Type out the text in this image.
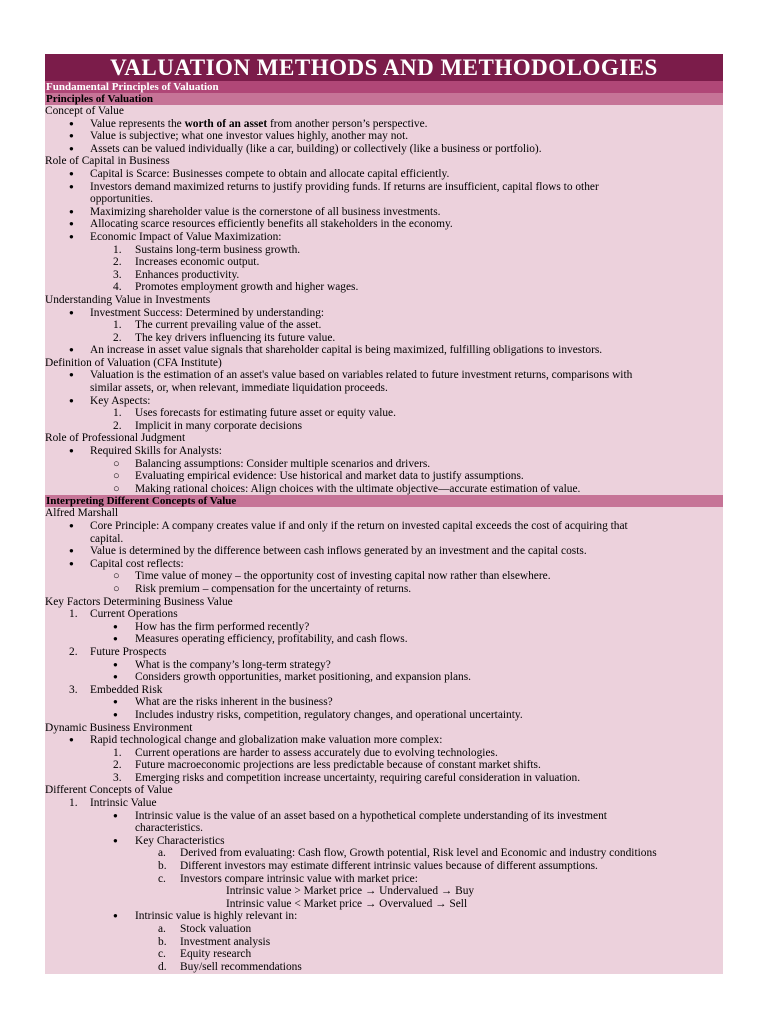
VALUATION METHODS AND METHODOLOGIES
Fundamental Principles of Valuation
Principles of Valuation
Concept of Value
● Value represents the worth of an asset from another person’s perspective.
● Value is subjective; what one investor values highly, another may not.
● Assets can be valued individually (like a car, building) or collectively (like a business or portfolio).
Role of Capital in Business
● Capital is Scarce: Businesses compete to obtain and allocate capital efficiently.
● Investors demand maximized returns to justify providing funds. If returns are insufficient, capital flows to other
opportunities.
● Maximizing shareholder value is the cornerstone of all business investments.
● Allocating scarce resources efficiently benefits all stakeholders in the economy.
● Economic Impact of Value Maximization:
1. Sustains long-term business growth.
2. Increases economic output.
3. Enhances productivity.
4. Promotes employment growth and higher wages.
Understanding Value in Investments
● Investment Success: Determined by understanding:
1. The current prevailing value of the asset.
2. The key drivers influencing its future value.
● An increase in asset value signals that shareholder capital is being maximized, fulfilling obligations to investors.
Definition of Valuation (CFA Institute)
● Valuation is the estimation of an asset's value based on variables related to future investment returns, comparisons with
similar assets, or, when relevant, immediate liquidation proceeds.
● Key Aspects:
1. Uses forecasts for estimating future asset or equity value.
2. Implicit in many corporate decisions
Role of Professional Judgment
● Required Skills for Analysts:
○ Balancing assumptions: Consider multiple scenarios and drivers.
○ Evaluating empirical evidence: Use historical and market data to justify assumptions.
○ Making rational choices: Align choices with the ultimate objective—accurate estimation of value.
Interpreting Different Concepts of Value
Alfred Marshall
● Core Principle: A company creates value if and only if the return on invested capital exceeds the cost of acquiring that
capital.
● Value is determined by the difference between cash inflows generated by an investment and the capital costs.
● Capital cost reflects:
○ Time value of money – the opportunity cost of investing capital now rather than elsewhere.
○ Risk premium – compensation for the uncertainty of returns.
Key Factors Determining Business Value
1. Current Operations
● How has the firm performed recently?
● Measures operating efficiency, profitability, and cash flows.
2. Future Prospects
● What is the company’s long-term strategy?
● Considers growth opportunities, market positioning, and expansion plans.
3. Embedded Risk
● What are the risks inherent in the business?
● Includes industry risks, competition, regulatory changes, and operational uncertainty.
Dynamic Business Environment
● Rapid technological change and globalization make valuation more complex:
1. Current operations are harder to assess accurately due to evolving technologies.
2. Future macroeconomic projections are less predictable because of constant market shifts.
3. Emerging risks and competition increase uncertainty, requiring careful consideration in valuation.
Different Concepts of Value
1. Intrinsic Value
● Intrinsic value is the value of an asset based on a hypothetical complete understanding of its investment
characteristics.
● Key Characteristics
a. Derived from evaluating: Cash flow, Growth potential, Risk level and Economic and industry conditions
b. Different investors may estimate different intrinsic values because of different assumptions.
c. Investors compare intrinsic value with market price:
Intrinsic value > Market price → Undervalued → Buy
Intrinsic value < Market price → Overvalued → Sell
● Intrinsic value is highly relevant in:
a. Stock valuation
b. Investment analysis
c. Equity research
d. Buy/sell recommendations
